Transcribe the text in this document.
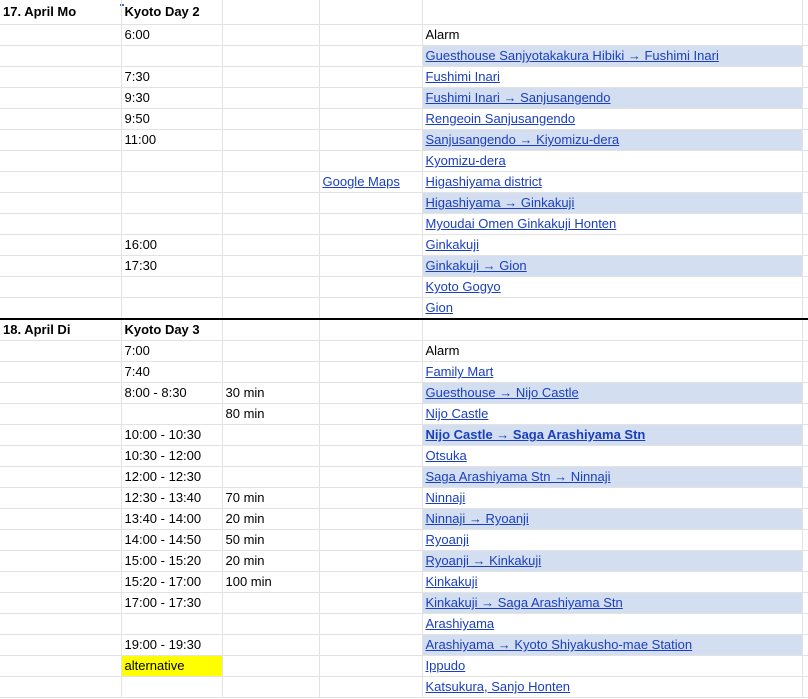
17. April Mo	Kyoto Day 2				
	6:00			Alarm	
				Guesthouse Sanjyotakakura Hibiki → Fushimi Inari	
	7:30			Fushimi Inari	
	9:30			Fushimi Inari → Sanjusangendo	
	9:50			Rengeoin Sanjusangendo	
	11:00			Sanjusangendo → Kiyomizu-dera	
				Kyomizu-dera	
			Google Maps	Higashiyama district	
				Higashiyama → Ginkakuji	
				Myoudai Omen Ginkakuji Honten	
	16:00			Ginkakuji	
	17:30			Ginkakuji → Gion	
				Kyoto Gogyo	
				Gion	
18. April Di	Kyoto Day 3				
	7:00			Alarm	
	7:40			Family Mart	
	8:00 - 8:30	30 min		Guesthouse → Nijo Castle	
		80 min		Nijo Castle	
	10:00 - 10:30			Nijo Castle → Saga Arashiyama Stn	
	10:30 - 12:00			Otsuka	
	12:00 - 12:30			Saga Arashiyama Stn → Ninnaji	
	12:30 - 13:40	70 min		Ninnaji	
	13:40 - 14:00	20 min		Ninnaji → Ryoanji	
	14:00 - 14:50	50 min		Ryoanji	
	15:00 - 15:20	20 min		Ryoanji → Kinkakuji	
	15:20 - 17:00	100 min		Kinkakuji	
	17:00 - 17:30			Kinkakuji → Saga Arashiyama Stn	
				Arashiyama	
	19:00 - 19:30			Arashiyama → Kyoto Shiyakusho-mae Station	
	alternative			Ippudo	
				Katsukura, Sanjo Honten	
